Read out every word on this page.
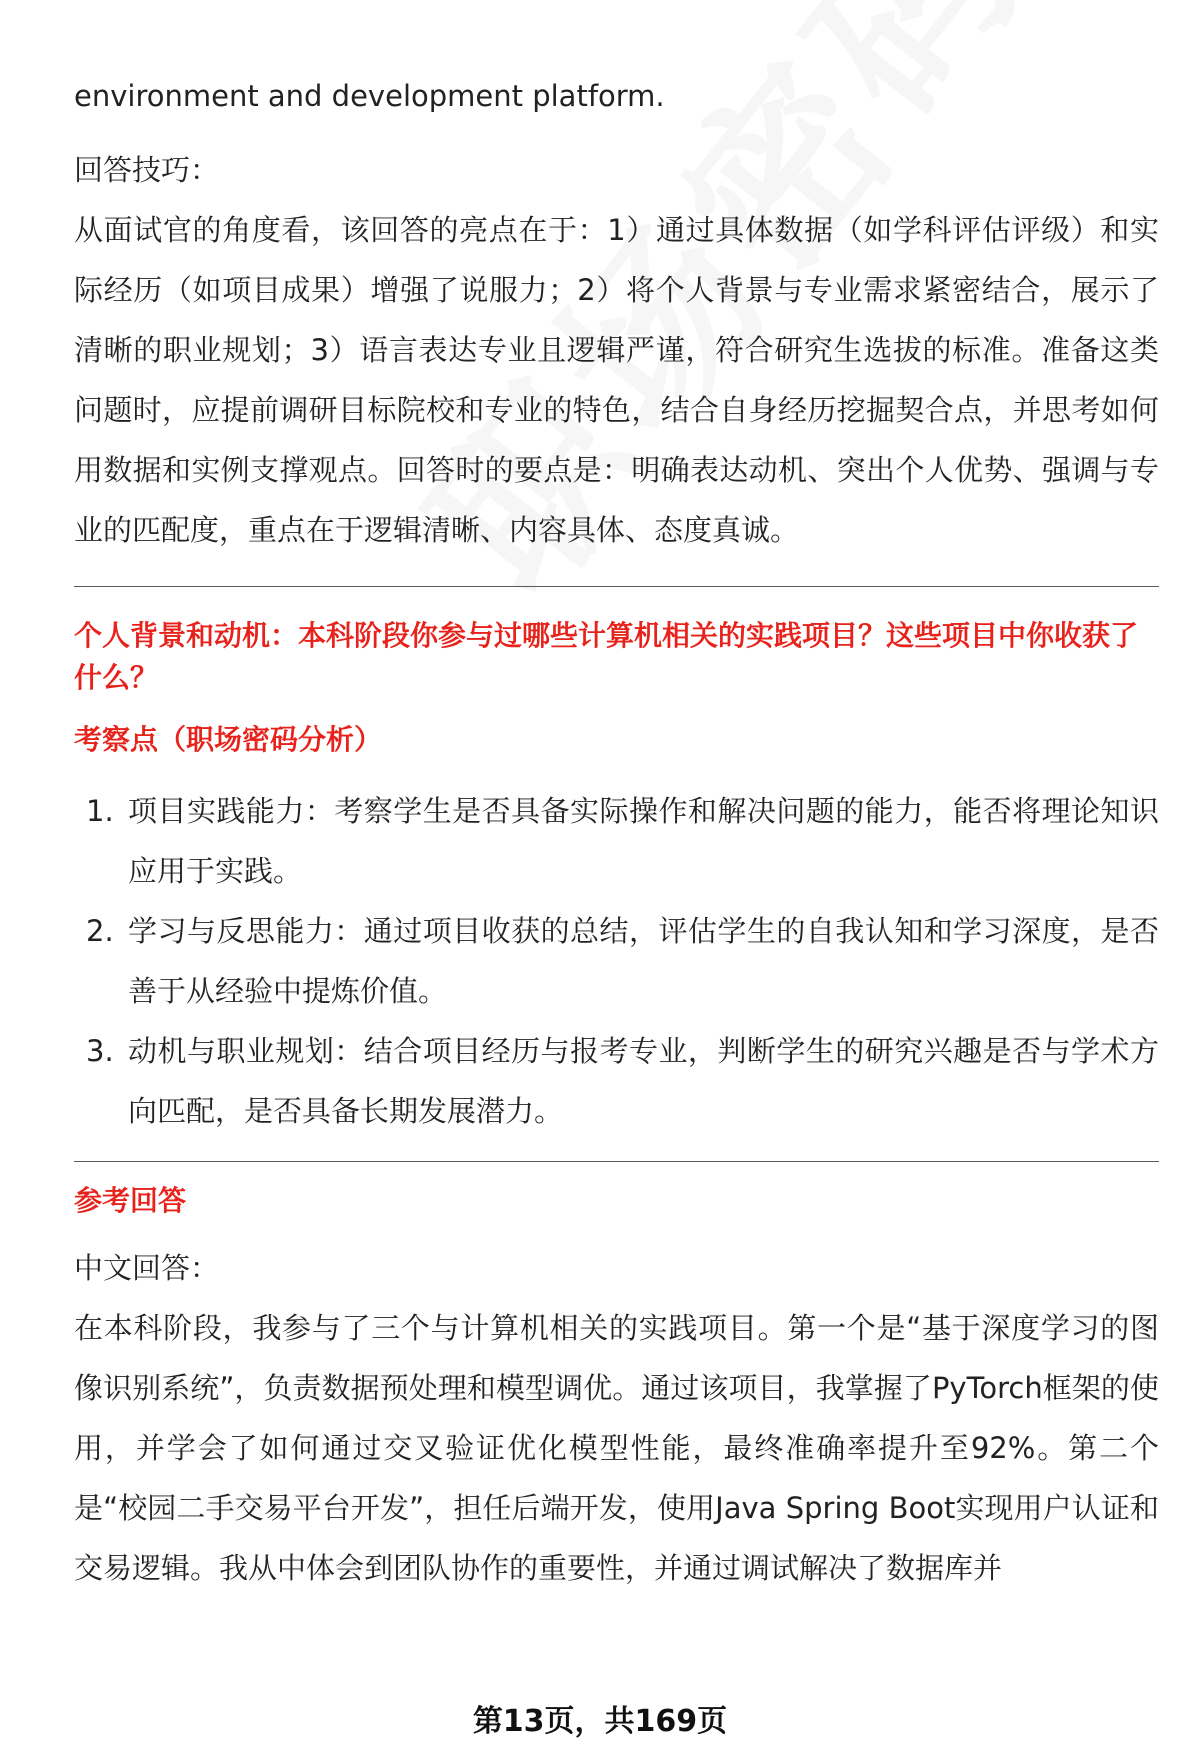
environment and development platform.

回答技巧：

从面试官的角度看，该回答的亮点在于：1）通过具体数据（如学科评估评级）和实际经历（如项目成果）增强了说服力；2）将个人背景与专业需求紧密结合，展示了清晰的职业规划；3）语言表达专业且逻辑严谨，符合研究生选拔的标准。准备这类问题时，应提前调研目标院校和专业的特色，结合自身经历挖掘契合点，并思考如何用数据和实例支撑观点。回答时的要点是：明确表达动机、突出个人优势、强调与专业的匹配度，重点在于逻辑清晰、内容具体、态度真诚。

个人背景和动机：本科阶段你参与过哪些计算机相关的实践项目？这些项目中你收获了什么？

考察点（职场密码分析）

1. 项目实践能力：考察学生是否具备实际操作和解决问题的能力，能否将理论知识应用于实践。
2. 学习与反思能力：通过项目收获的总结，评估学生的自我认知和学习深度，是否善于从经验中提炼价值。
3. 动机与职业规划：结合项目经历与报考专业，判断学生的研究兴趣是否与学术方向匹配，是否具备长期发展潜力。

参考回答

中文回答：

在本科阶段，我参与了三个与计算机相关的实践项目。第一个是“基于深度学习的图像识别系统”，负责数据预处理和模型调优。通过该项目，我掌握了PyTorch框架的使用，并学会了如何通过交叉验证优化模型性能，最终准确率提升至92%。第二个是“校园二手交易平台开发”，担任后端开发，使用Java Spring Boot实现用户认证和交易逻辑。我从中体会到团队协作的重要性，并通过调试解决了数据库并

第13页，共169页
